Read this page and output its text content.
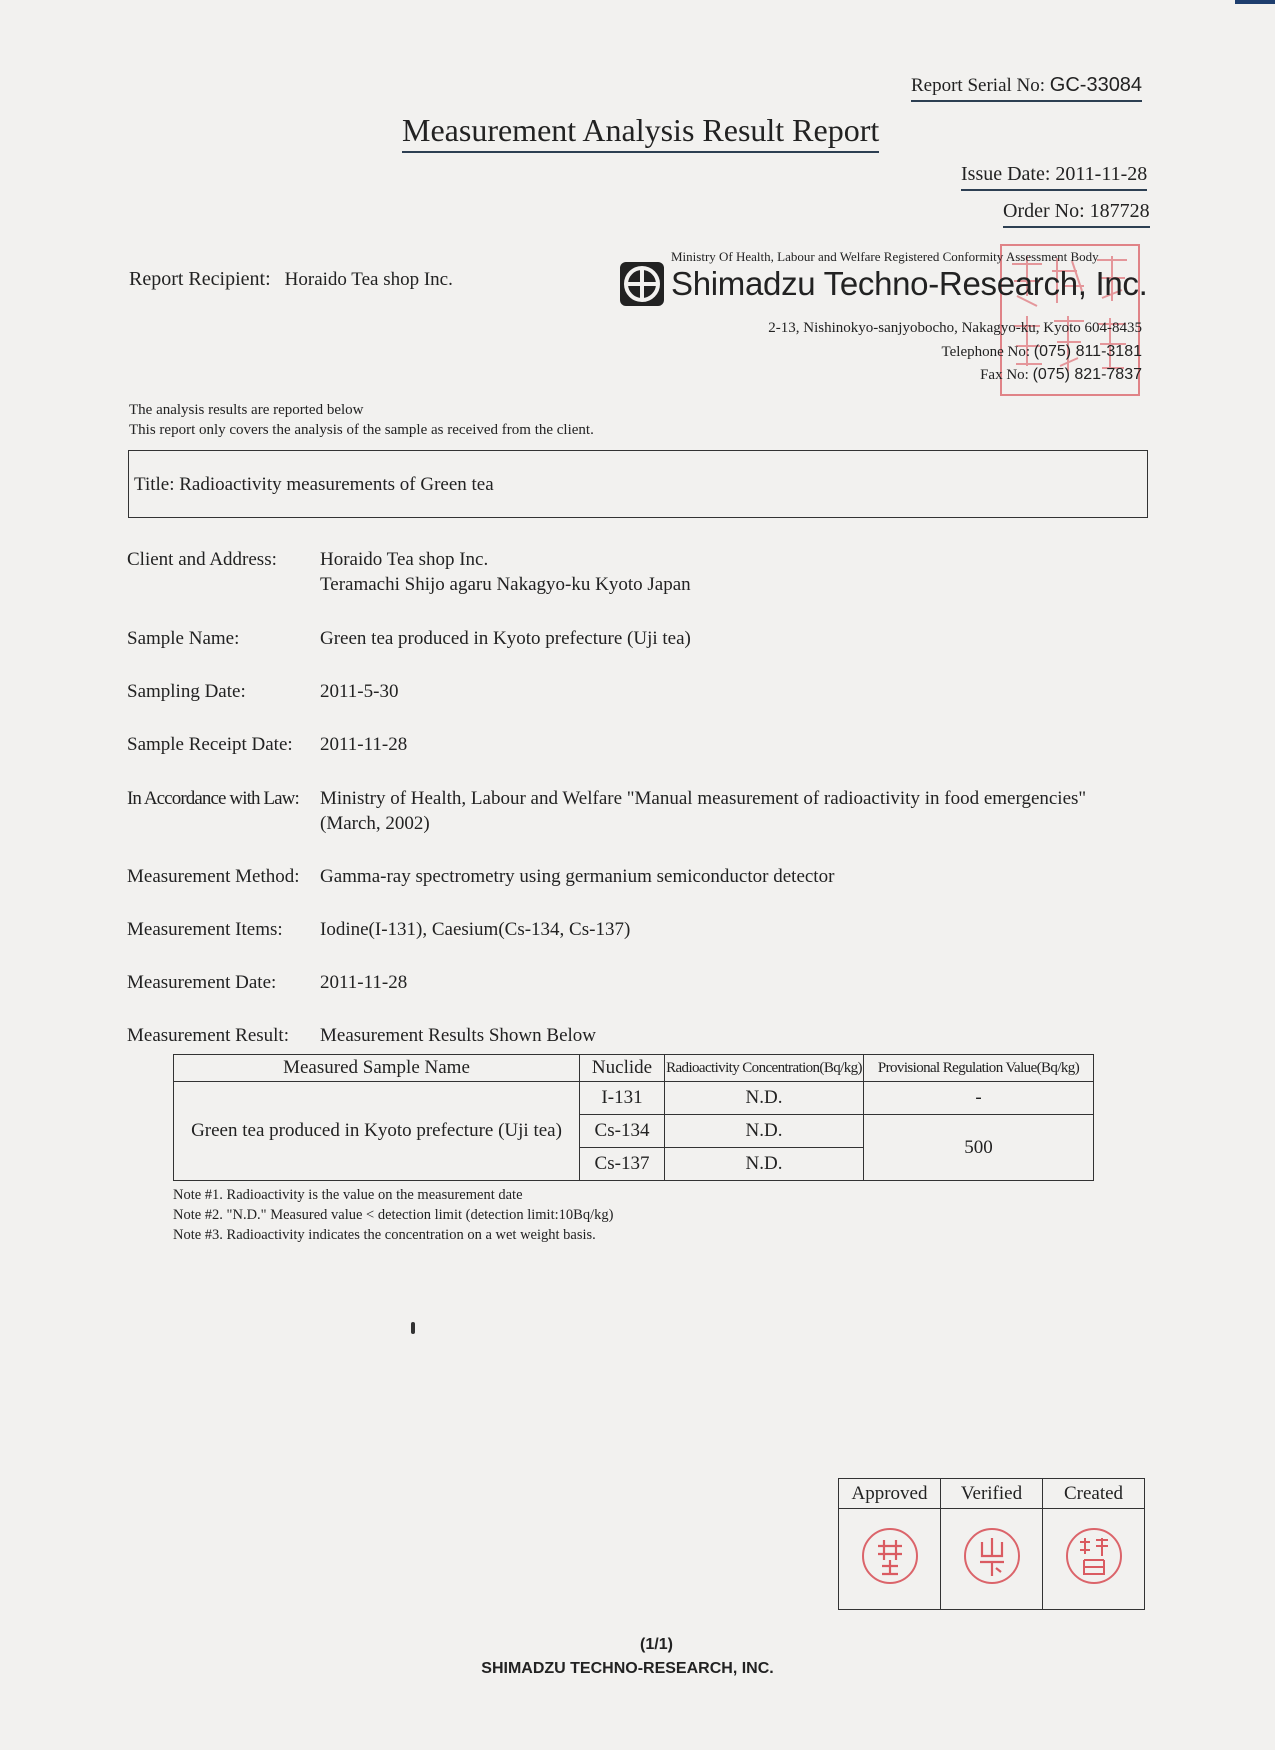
Report Serial No: GC-33084
Measurement Analysis Result Report
Issue Date: 2011-11-28
Order No: 187728
Report Recipient: Horaido Tea shop Inc.
Ministry Of Health, Labour and Welfare Registered Conformity Assessment Body
Shimadzu Techno-Research, Inc.
2-13, Nishinokyo-sanjyobocho, Nakagyo-ku, Kyoto 604-8435
Telephone No: (075) 811-3181
Fax No: (075) 821-7837
The analysis results are reported below
This report only covers the analysis of the sample as received from the client.
Title: Radioactivity measurements of Green tea
Client and Address: Horaido Tea shop Inc.
Teramachi Shijo agaru Nakagyo-ku Kyoto Japan
Sample Name:	Green tea produced in Kyoto prefecture (Uji tea)
Sampling Date:	2011-5-30
Sample Receipt Date: 2011-11-28
In Accordance with Law: Ministry of Health, Labour and Welfare "Manual measurement of radioactivity in food emergencies"
(March, 2002)
Measurement Method: Gamma-ray spectrometry using germanium semiconductor detector
Measurement Items: Iodine(I-131), Caesium(Cs-134, Cs-137)
Measurement Date: 2011-11-28
Measurement Result: Measurement Results Shown Below
Measured Sample Name	Nuclide	Radioactivity Concentration(Bq/kg)	Provisional Regulation Value(Bq/kg)
Green tea produced in Kyoto prefecture (Uji tea)	I-131	N.D.	-
	Cs-134	N.D.	500
	Cs-137	N.D.	
Note #1. Radioactivity is the value on the measurement date
Note #2. "N.D." Measured value < detection limit (detection limit:10Bq/kg)
Note #3. Radioactivity indicates the concentration on a wet weight basis.
Approved	Verified	Created

(1/1)
SHIMADZU TECHNO-RESEARCH, INC.
